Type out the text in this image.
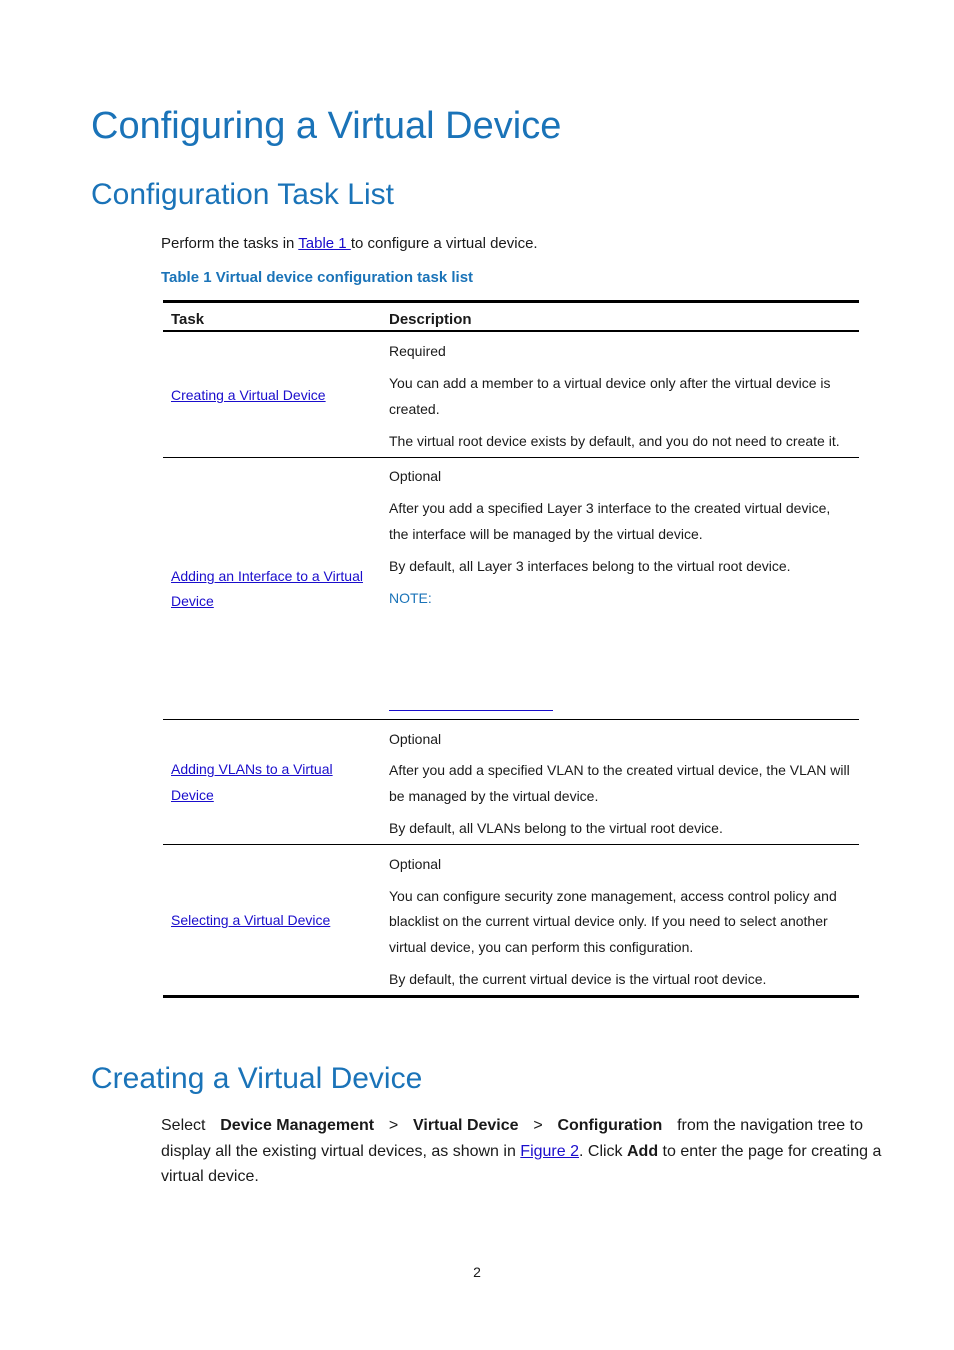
Configuring a Virtual Device
Configuration Task List

Perform the tasks in Table 1 to configure a virtual device.

Table 1 Virtual device configuration task list

Task	Description
Creating a Virtual Device
Required
You can add a member to a virtual device only after the virtual device is
created.
The virtual root device exists by default, and you do not need to create it.
Adding an Interface to a Virtual
Device
Optional
After you add a specified Layer 3 interface to the created virtual device,
the interface will be managed by the virtual device.
By default, all Layer 3 interfaces belong to the virtual root device.
NOTE:
Adding VLANs to a Virtual
Device
Optional
After you add a specified VLAN to the created virtual device, the VLAN will
be managed by the virtual device.
By default, all VLANs belong to the virtual root device.
Selecting a Virtual Device
Optional
You can configure security zone management, access control policy and
blacklist on the current virtual device only. If you need to select another
virtual device, you can perform this configuration.
By default, the current virtual device is the virtual root device.
Creating a Virtual Device
Select Device Management > Virtual Device > Configuration from the navigation tree to
display all the existing virtual devices, as shown in Figure 2. Click Add to enter the page for creating a
virtual device.
2
